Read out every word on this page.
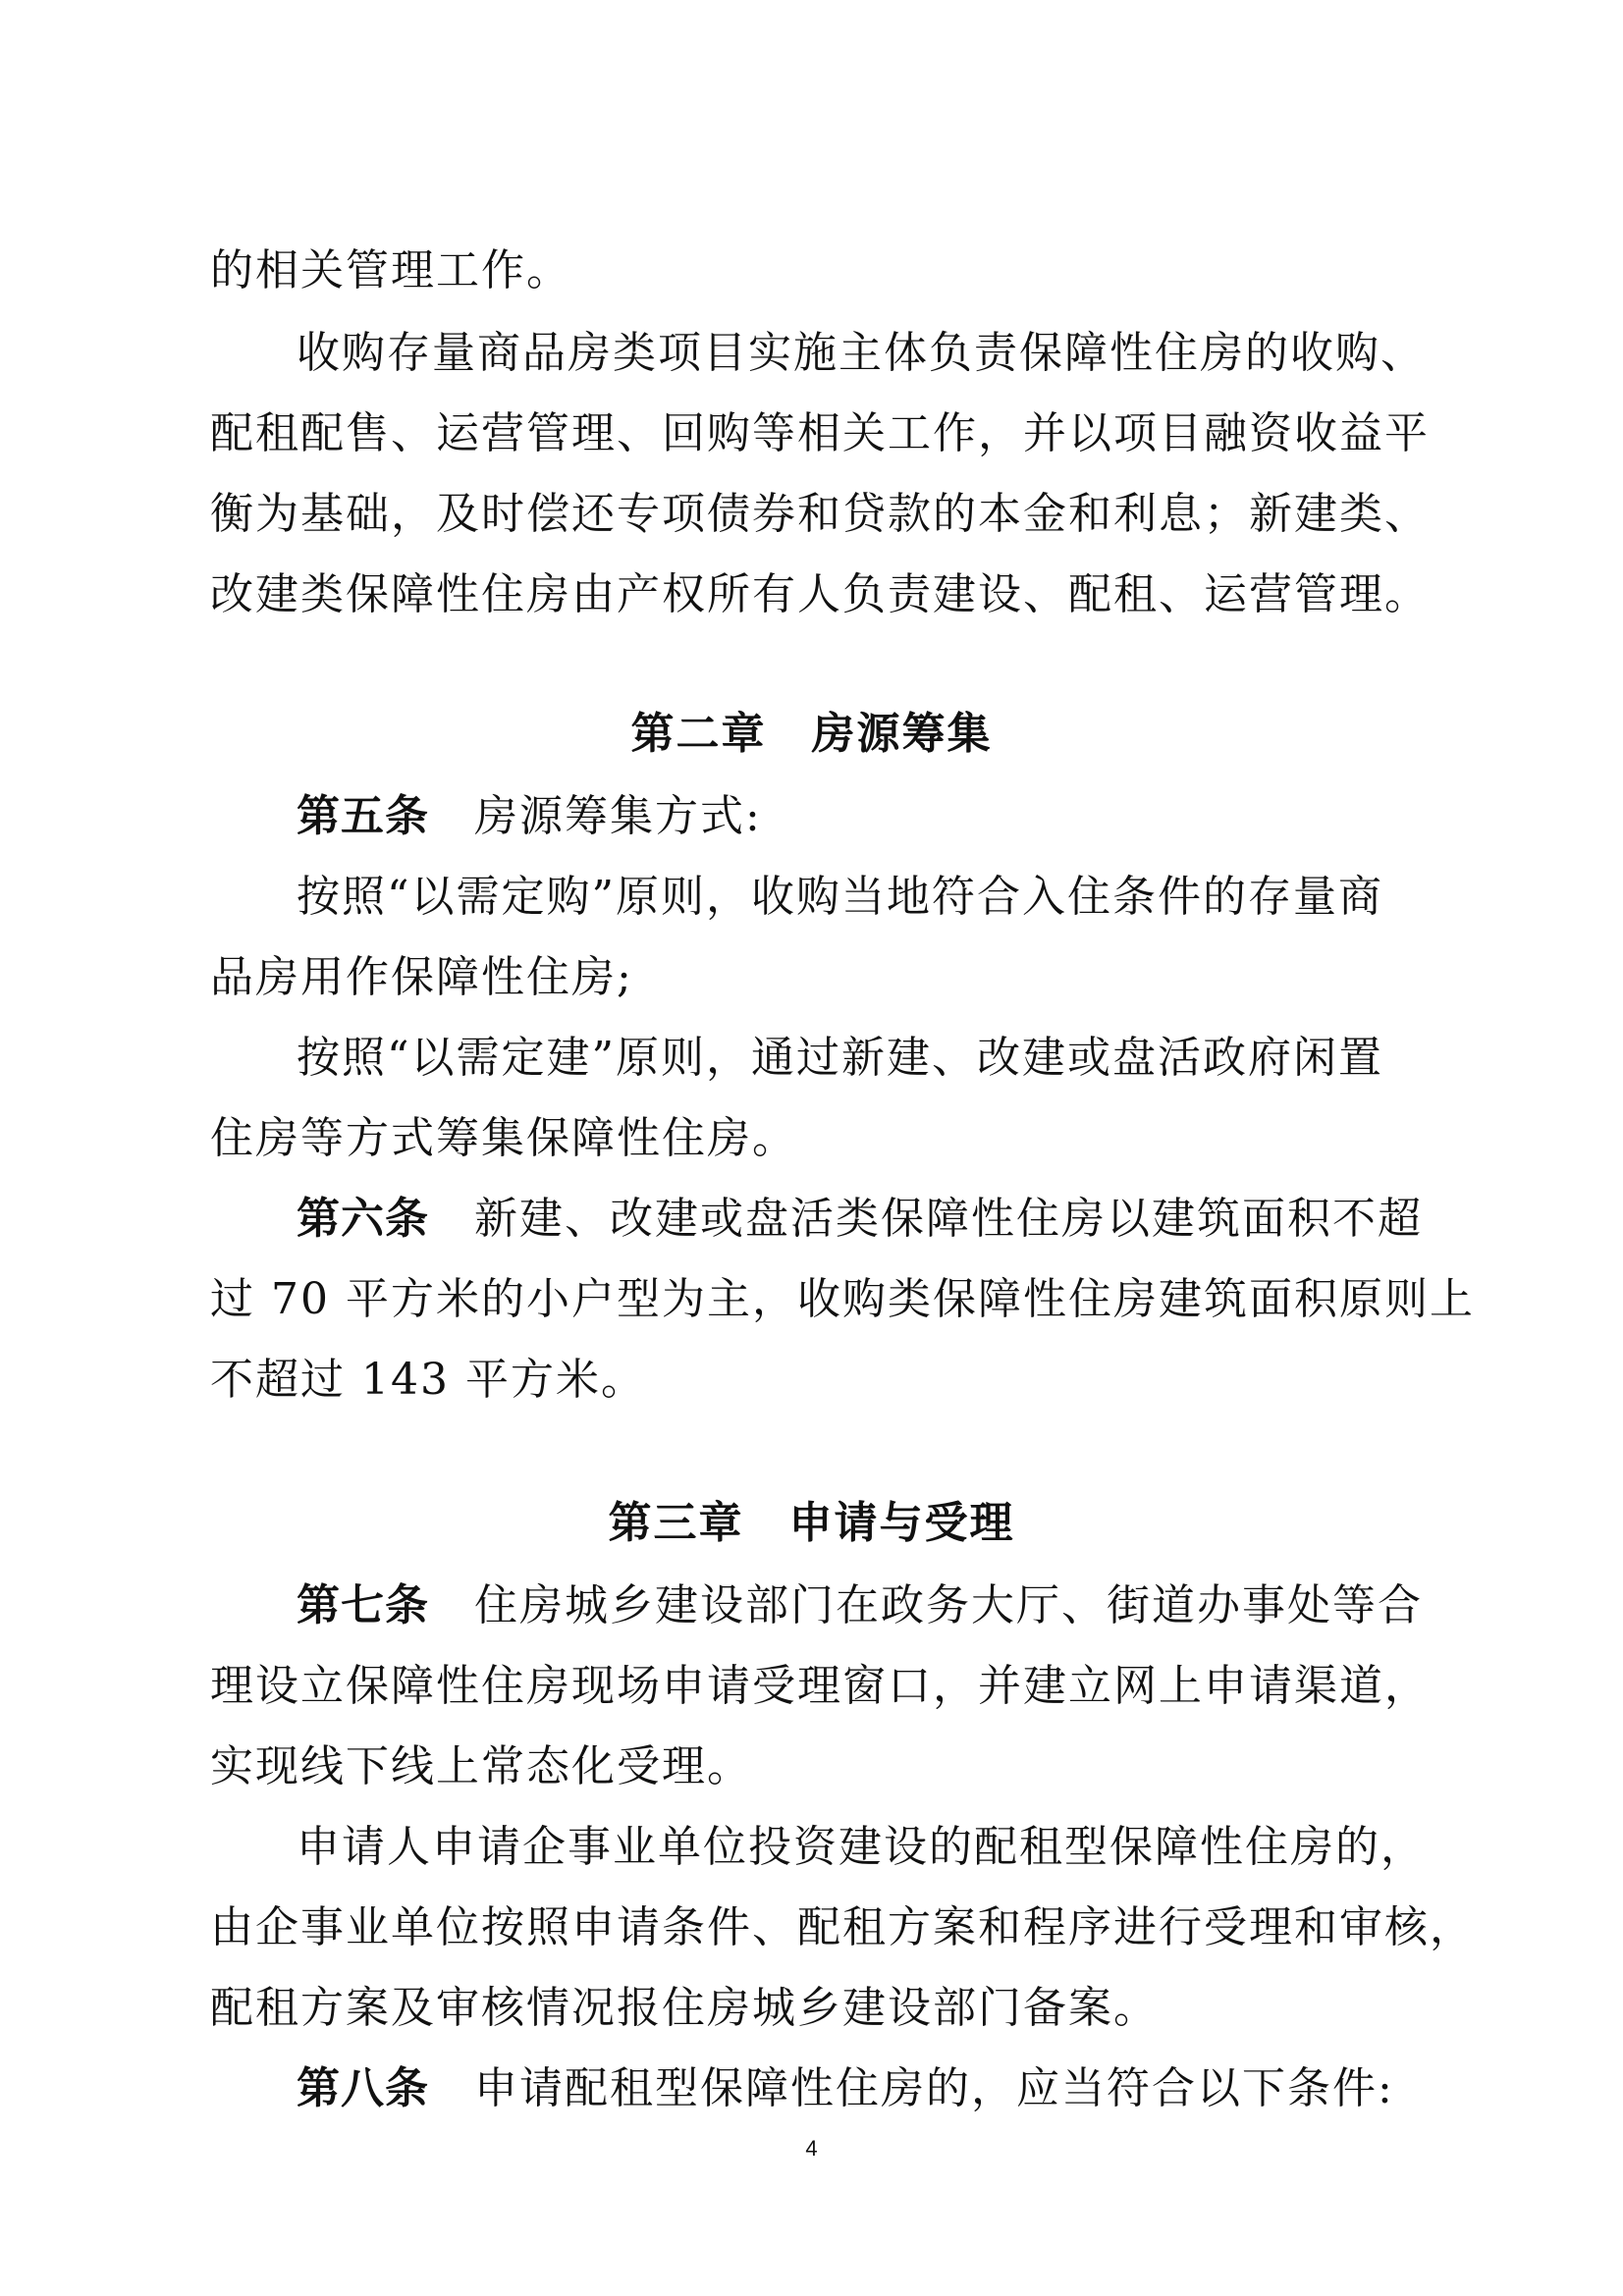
的相关管理工作。

收购存量商品房类项目实施主体负责保障性住房的收购、

配租配售、运营管理、回购等相关工作，并以项目融资收益平

衡为基础，及时偿还专项债券和贷款的本金和利息；新建类、

改建类保障性住房由产权所有人负责建设、配租、运营管理。

第二章 房源筹集

第五条 房源筹集方式:

按照“以需定购”原则，收购当地符合入住条件的存量商

品房用作保障性住房;

按照“以需定建”原则，通过新建、改建或盘活政府闲置

住房等方式筹集保障性住房。

第六条 新建、改建或盘活类保障性住房以建筑面积不超

过 70 平方米的小户型为主，收购类保障性住房建筑面积原则上

不超过 143 平方米。

第三章 申请与受理

第七条 住房城乡建设部门在政务大厅、街道办事处等合

理设立保障性住房现场申请受理窗口，并建立网上申请渠道，

实现线下线上常态化受理。

申请人申请企事业单位投资建设的配租型保障性住房的，

由企事业单位按照申请条件、配租方案和程序进行受理和审核，

配租方案及审核情况报住房城乡建设部门备案。

第八条 申请配租型保障性住房的，应当符合以下条件:

4
